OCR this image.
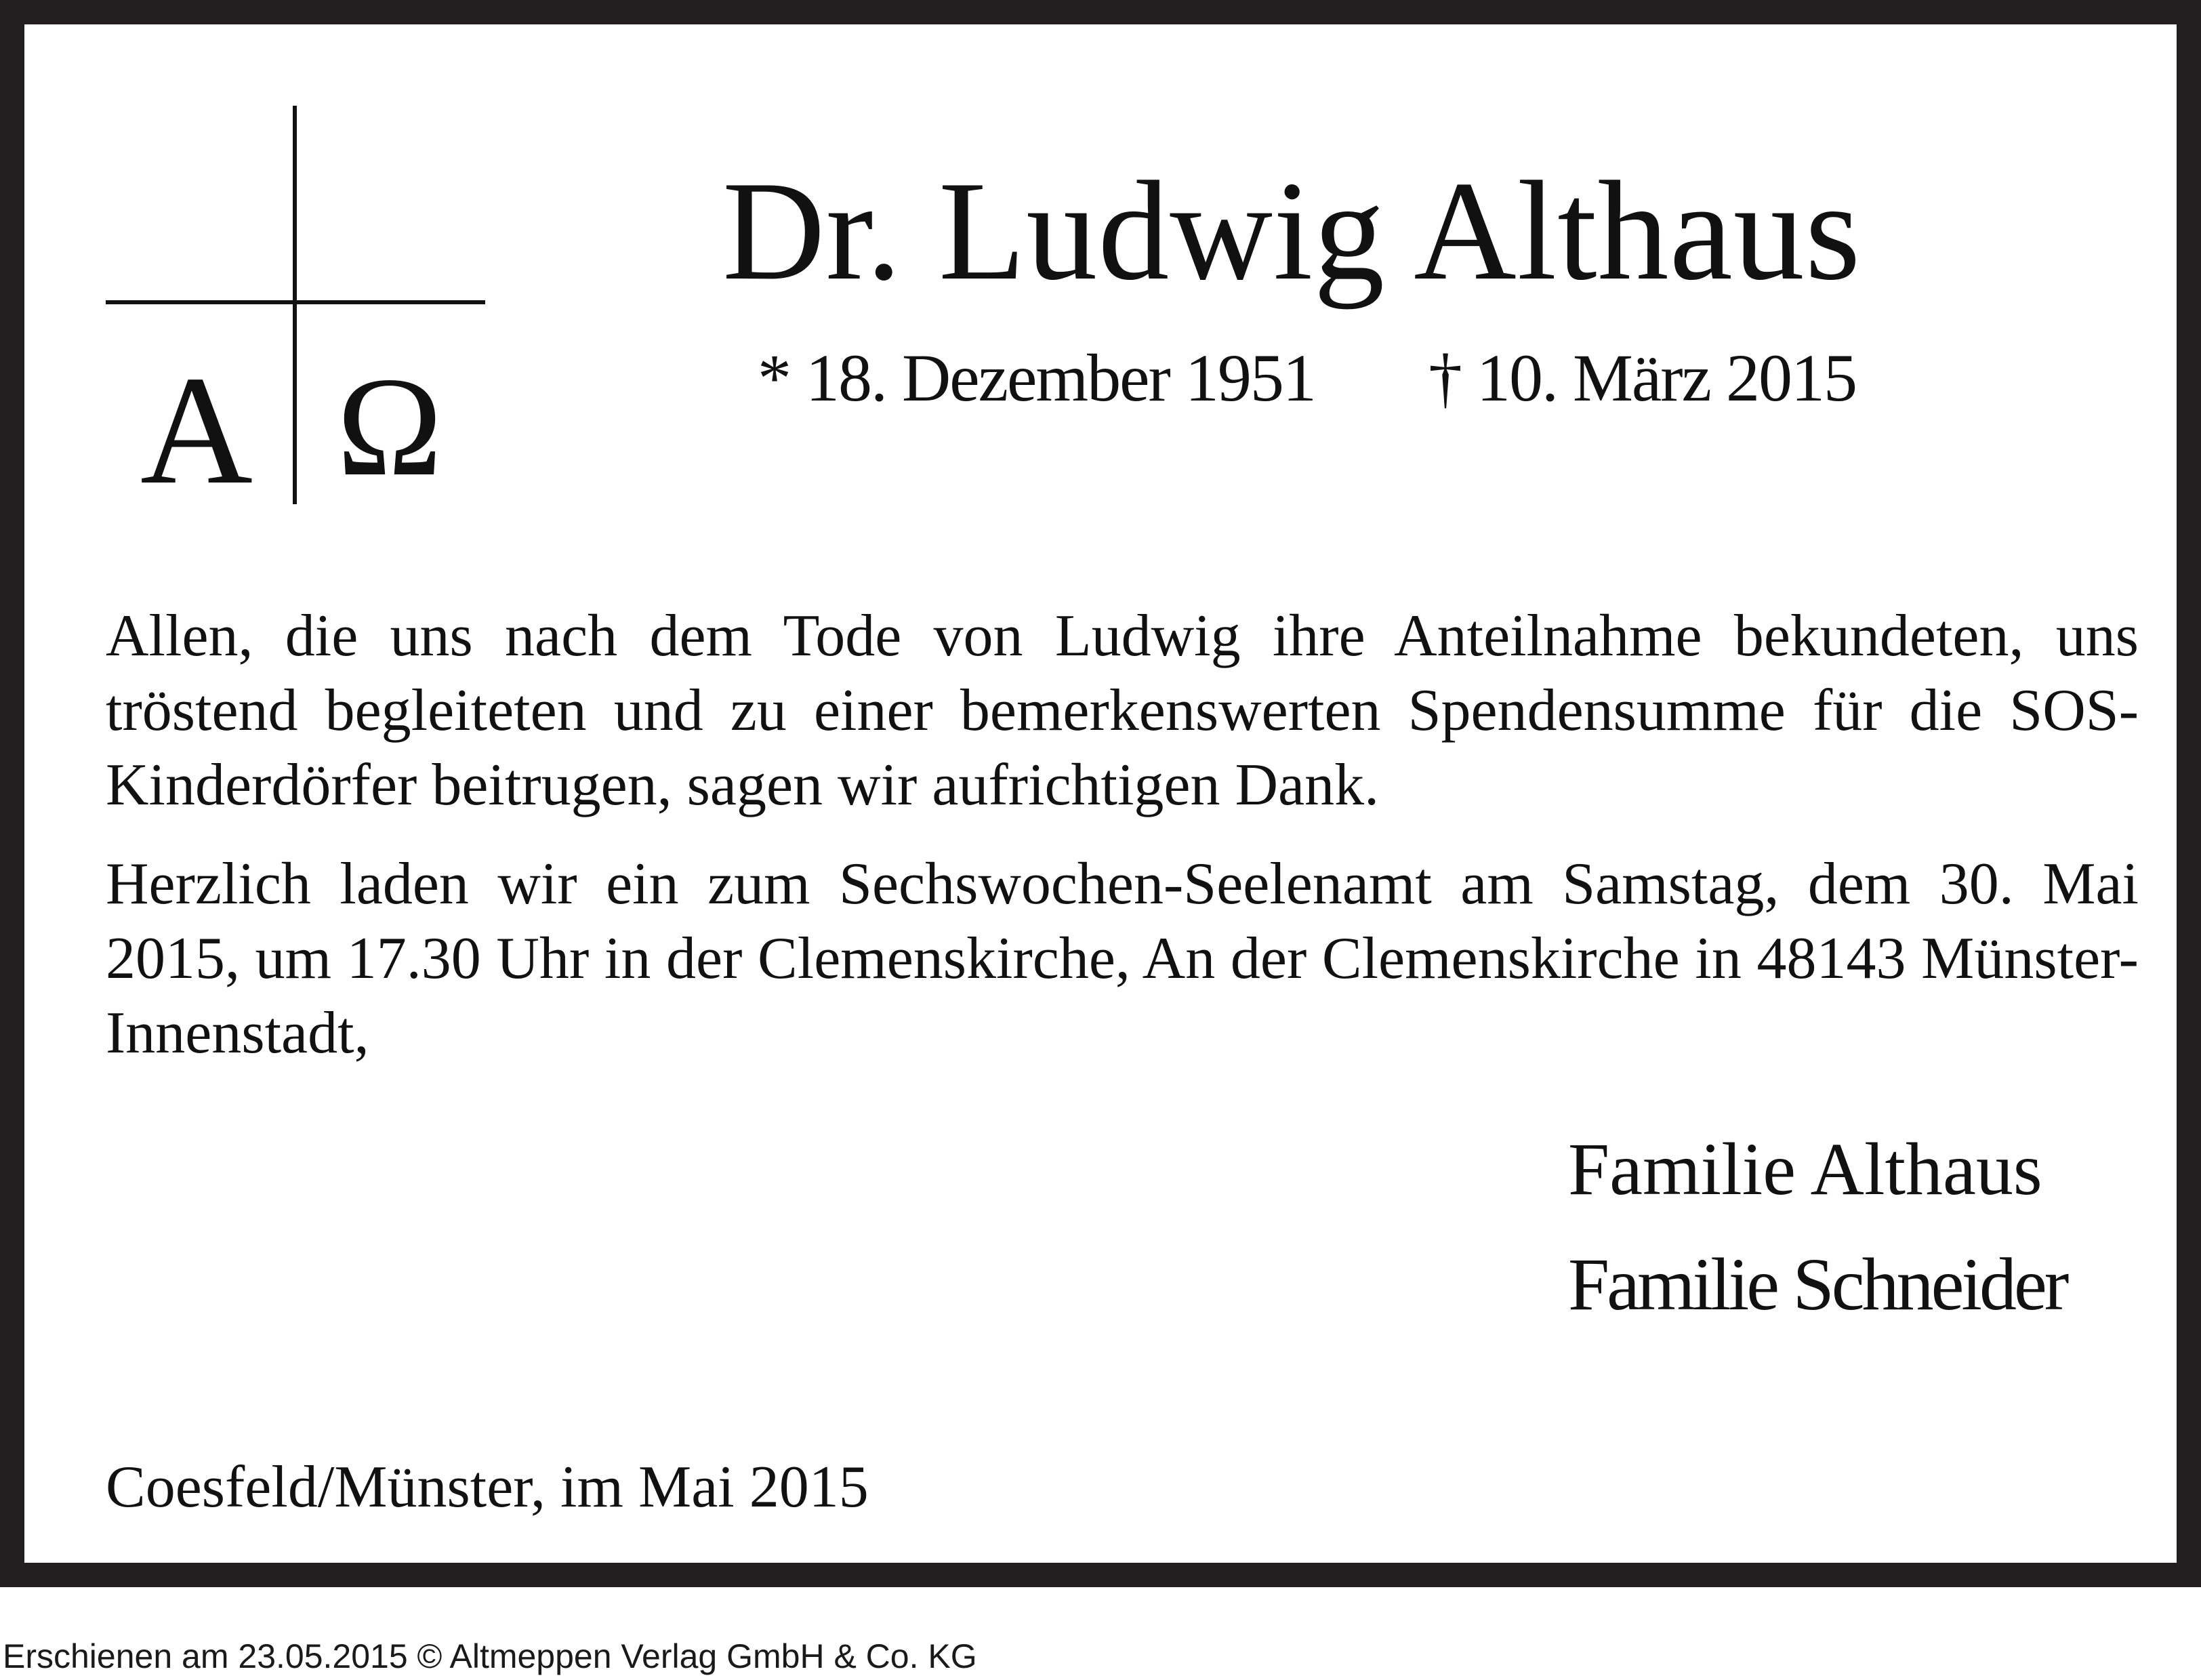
A Ω
Dr. Ludwig Althaus
* 18. Dezember 1951 † 10. März 2015

Allen, die uns nach dem Tode von Ludwig ihre Anteilnahme bekundeten, uns tröstend begleiteten und zu einer bemerkenswerten Spendensumme für die SOS-Kinderdörfer beitrugen, sagen wir aufrichtigen Dank.

Herzlich laden wir ein zum Sechswochen-Seelenamt am Samstag, dem 30. Mai 2015, um 17.30 Uhr in der Clemenskirche, An der Clemenskirche in 48143 Münster-Innenstadt,

Familie Althaus
Familie Schneider
Coesfeld/Münster, im Mai 2015
Erschienen am 23.05.2015 © Altmeppen Verlag GmbH & Co. KG
